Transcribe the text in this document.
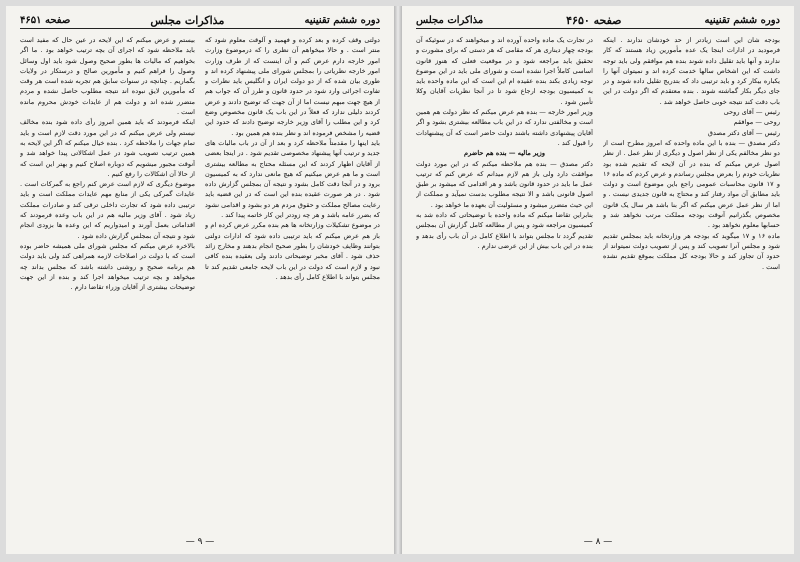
دوره ششم تقنینیه
مذاکرات مجلس
صفحه ۴۶۵۱

دولتی وقف کرده و بعد کرده و فهمید و آلوقت معلوم شود که منتر است . و حالا میخواهم آن نظری را که درموضوع وزارت امور خارجه دارم عرض کنم و آن اینست که از طرف وزارت امور خارجه نظریاتی را بمجلس شورای ملی پیشنهاد کرده اند و طوری بیان شده که از دو دولت ایران و انگلیس باید نظرات و تفاوت اجرائی وارد شود در حدود قانون و طرز آن که جواب هم از هیچ جهت مبهم نیست اما از آن جهت که توضیح دادند و عرض کردند دلیلی ندارد که فعلاً در این باب یک قانون مخصوص وضع کرد و این مطلب را آقای وزیر خارجه توضیح دادند که حدود این قضیه را مشخص فرموده اند و نظر بنده هم همین بود .

باید اینها را مقدمتاً ملاحظه کرد و بعد از آن در باب مالیات های جدید و ترتیب آنها پیشنهاد مخصوصی تقدیم شود . در اینجا بعضی از آقایان اظهار کردند که این مسئله محتاج به مطالعه بیشتری است و ما هم عرض میکنیم که هیچ مانعی ندارد که به کمیسیون برود و در آنجا دقت کامل بشود و نتیجه آن بمجلس گزارش داده شود . در هر صورت عقیده بنده این است که در این قضیه باید رعایت مصالح مملکت و حقوق مردم هر دو بشود و اقدامی نشود که بضرر عامه باشد و هر چه زودتر این کار خاتمه پیدا کند .

در موضوع تشکیلات وزارتخانه ها هم بنده مکرر عرض کرده ام و باز هم عرض میکنم که باید ترتیبی داده شود که ادارات دولتی بتوانند وظایف خودشان را بطور صحیح انجام بدهند و مخارج زائد حذف شود . آقای مخبر توضیحاتی دادند ولی بعقیده بنده کافی نبود و لازم است که دولت در این باب لایحه جامعی تقدیم کند تا مجلس بتواند با اطلاع کامل رأی بدهد .

بیستم و عرض میکنم که این لایحه در عین حال که مفید است باید ملاحظه شود که اجرای آن بچه ترتیب خواهد بود . ما اگر بخواهیم که مالیات ها بطور صحیح وصول شود باید اول وسائل وصول را فراهم کنیم و مأمورین صالح و درستکار در ولایات بگماریم . چنانچه در سنوات سابق هم تجربه شده است هر وقت که مأمورین لایق نبوده اند نتیجه مطلوب حاصل نشده و مردم متضرر شده اند و دولت هم از عایدات خودش محروم مانده است .

اینکه فرمودند که باید همین امروز رأی داده شود بنده مخالف نیستم ولی عرض میکنم که در این مورد دقت لازم است و باید تمام جهات را ملاحظه کرد . بنده خیال میکنم که اگر این لایحه به همین ترتیب تصویب شود در عمل اشکالاتی پیدا خواهد شد و آنوقت مجبور میشویم که دوباره اصلاح کنیم و بهتر این است که از حالا آن اشکالات را رفع کنیم .

موضوع دیگری که لازم است عرض کنم راجع به گمرکات است . عایدات گمرکی یکی از منابع مهم عایدات مملکت است و باید ترتیبی داده شود که تجارت داخلی ترقی کند و صادرات مملکت زیاد شود . آقای وزیر مالیه هم در این باب وعده فرمودند که اقداماتی بعمل آورند و امیدواریم که این وعده ها بزودی انجام شود و نتیجه آن بمجلس گزارش داده شود .

بالاخره عرض میکنم که مجلس شورای ملی همیشه حاضر بوده است که با دولت در اصلاحات لازمه همراهی کند ولی باید دولت هم برنامه صحیح و روشنی داشته باشد که مجلس بداند چه میخواهد و بچه ترتیب میخواهد اجرا کند و بنده از این جهت توضیحات بیشتری از آقایان وزراء تقاضا دارم .

— ۹ —
دوره ششم تقنینیه
صفحه ۴۶۵۰
مذاکرات مجلس

بودجه شان این است زیادتر از حد خودشان ندارند . اینکه فرمودید در ادارات اینجا یک عده مأمورین زیاد هستند که کار ندارند و آنها باید تقلیل داده شوند بنده هم موافقم ولی باید توجه داشت که این اشخاص سالها خدمت کرده اند و نمیتوان آنها را یکباره بیکار کرد و باید ترتیبی داد که بتدریج تقلیل داده شوند و در جای دیگر بکار گماشته شوند . بنده معتقدم که اگر دولت در این باب دقت کند نتیجه خوبی حاصل خواهد شد .

رئیس — آقای روحی

روحی — موافقم

رئیس — آقای دکتر مصدق

دکتر مصدق — بنده با این ماده واحده که امروز مطرح است از دو نظر مخالفم یکی از نظر اصول و دیگری از نظر عمل . از نظر اصول عرض میکنم که بنده در آن لایحه که تقدیم شده بود نظریات خودم را بعرض مجلس رساندم و عرض کردم که ماده ۱۶ و ۱۷ قانون محاسبات عمومی راجع باین موضوع است و دولت باید مطابق آن مواد رفتار کند و محتاج به قانون جدیدی نیست . و اما از نظر عمل عرض میکنم که اگر بنا باشد هر سال یک قانون مخصوص بگذرانیم آنوقت بودجه مملکت مرتب نخواهد شد و حسابها معلوم نخواهد بود .

ماده ۱۶ و ۱۷ میگوید که بودجه هر وزارتخانه باید بمجلس تقدیم شود و مجلس آنرا تصویب کند و پس از تصویب دولت نمیتواند از حدود آن تجاوز کند و حالا بودجه کل مملکت بموقع تقدیم نشده است .

در تجارت یک ماده واحده آورده اند و میخواهند که در سوئیکه آن بودجه چهار دیناری هر که مقامی که هر دستی که برای مشورت و تحقیق باید مراجعه شود و در موقعیت فعلی که هنوز قانون اساسی کاملاً اجرا نشده است و شورای ملی باید در این موضوع توجه زیادی بکند بنده عقیده ام این است که این ماده واحده باید به کمیسیون بودجه ارجاع شود تا در آنجا نظریات آقایان وکلا تأمین شود .

وزیر امور خارجه — بنده هم عرض میکنم که نظر دولت هم همین است و مخالفتی ندارد که در این باب مطالعه بیشتری بشود و اگر آقایان پیشنهادی داشته باشند دولت حاضر است که آن پیشنهادات را قبول کند .

وزیر مالیه — بنده هم حاضرم

دکتر مصدق — بنده هم ملاحظه میکنم که در این مورد دولت موافقت دارد ولی باز هم لازم میدانم که عرض کنم که ترتیب عمل ما باید در حدود قانون باشد و هر اقدامی که میشود بر طبق اصول قانونی باشد و الا نتیجه مطلوب بدست نمیآید و مملکت از این حیث متضرر میشود و مسئولیت آن بعهده ما خواهد بود .

بنابراین تقاضا میکنم که ماده واحده با توضیحاتی که داده شد به کمیسیون مراجعه شود و پس از مطالعه کامل گزارش آن بمجلس تقدیم گردد تا مجلس بتواند با اطلاع کامل در آن باب رأی بدهد و بنده در این باب بیش از این عرضی ندارم .

— ۸ —
